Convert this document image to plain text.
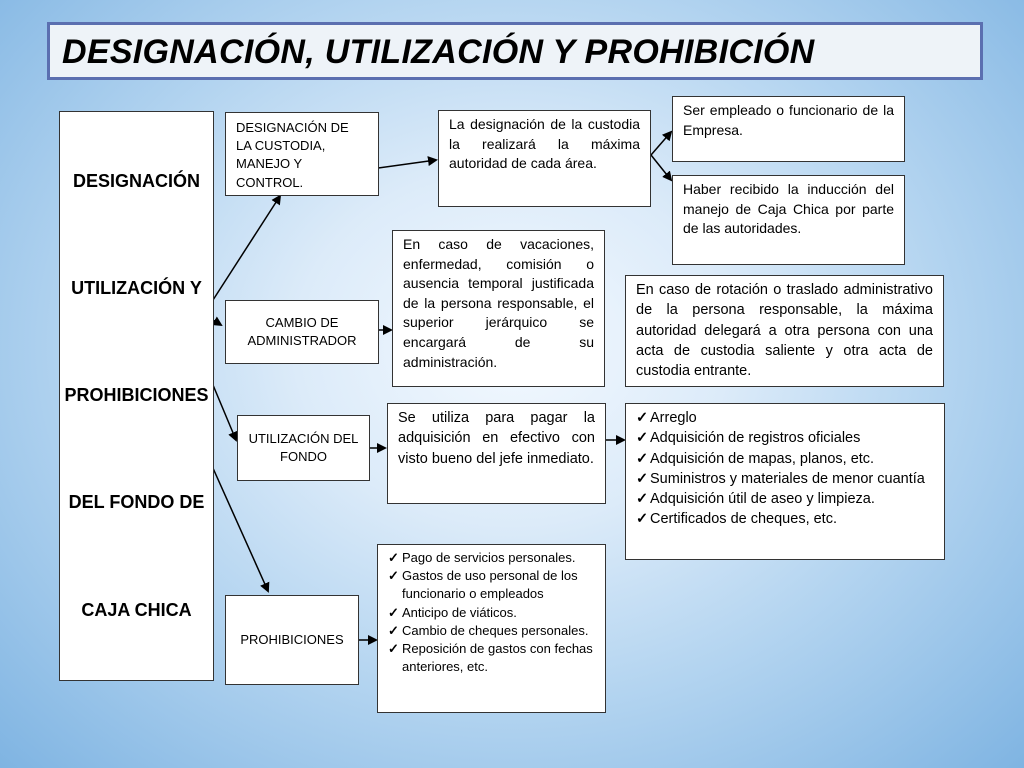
DESIGNACIÓN, UTILIZACIÓN Y PROHIBICIÓN
DESIGNACIÓN
UTILIZACIÓN Y
PROHIBICIONES
DEL FONDO DE
CAJA CHICA
DESIGNACIÓN DE LA CUSTODIA, MANEJO Y CONTROL.
CAMBIO DE ADMINISTRADOR
UTILIZACIÓN DEL FONDO
PROHIBICIONES
La designación de la custodia la realizará la máxima autoridad de cada área.
Ser empleado o funcionario de la Empresa.
Haber recibido la inducción del manejo de Caja Chica por parte de las autoridades.
En caso de vacaciones, enfermedad, comisión o ausencia temporal justificada de la persona responsable, el superior jerárquico se encargará de su administración.
En caso de rotación o traslado administrativo de la persona responsable, la máxima autoridad delegará a otra persona con una acta de custodia saliente y otra acta de custodia entrante.
Se utiliza para pagar la adquisición en efectivo con visto bueno del jefe inmediato.
✓ Arreglo
✓ Adquisición de registros oficiales
✓ Adquisición de mapas, planos, etc.
✓ Suministros y materiales de menor cuantía
✓ Adquisición útil de aseo y limpieza.
✓ Certificados de cheques, etc.
✓ Pago de servicios personales.
✓ Gastos de uso personal de los funcionario o empleados
✓ Anticipo de viáticos.
✓ Cambio de cheques personales.
✓ Reposición de gastos con fechas anteriores, etc.
